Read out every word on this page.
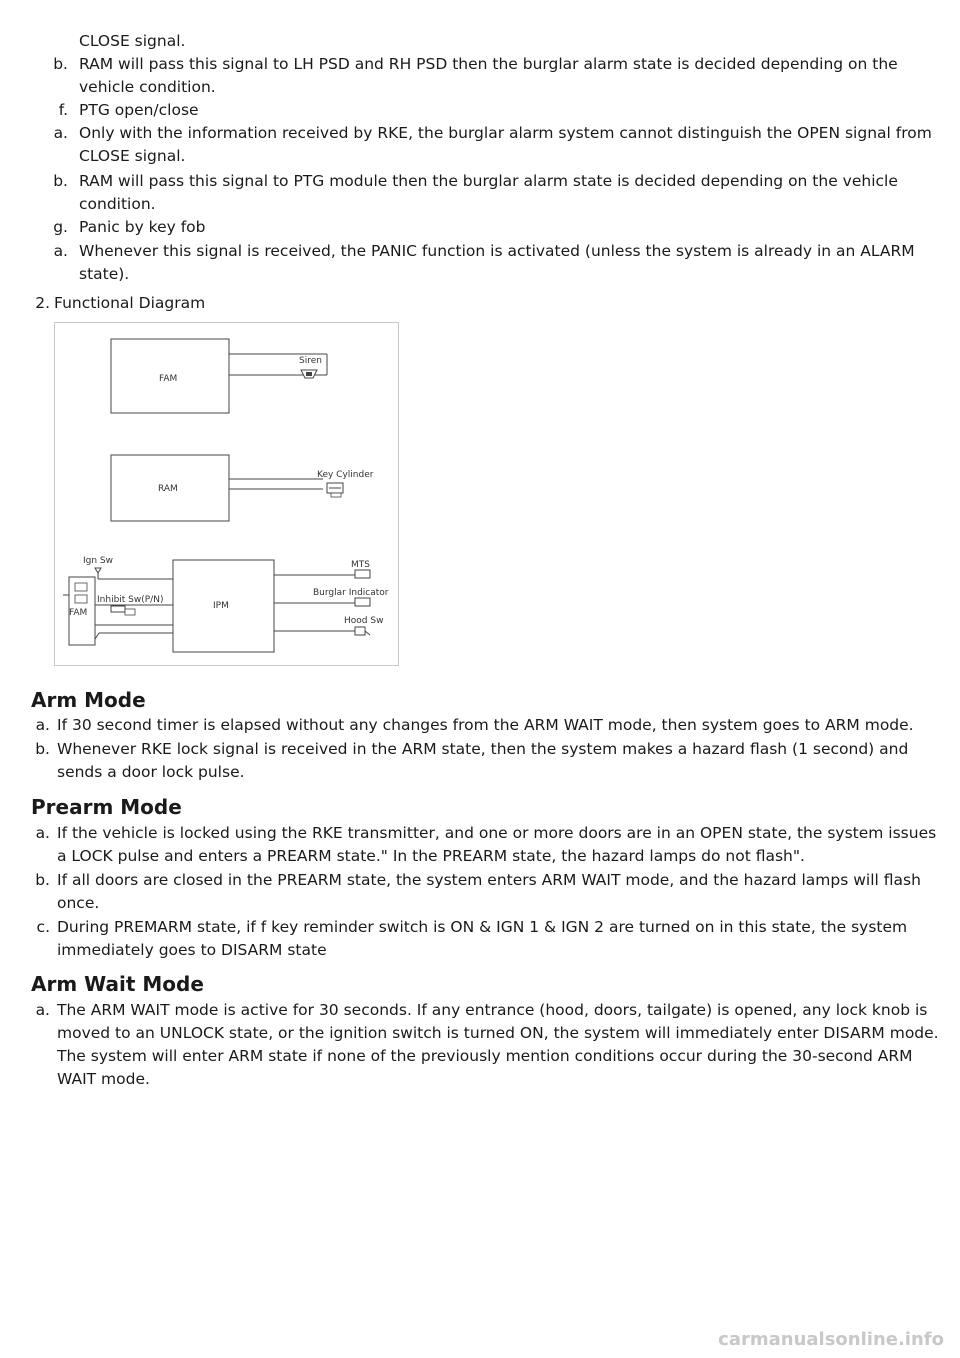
CLOSE signal.
b. RAM will pass this signal to LH PSD and RH PSD then the burglar alarm state is decided depending on the
vehicle condition.
f. PTG open/close
a. Only with the information received by RKE, the burglar alarm system cannot distinguish the OPEN signal from
CLOSE signal.
b. RAM will pass this signal to PTG module then the burglar alarm state is decided depending on the vehicle
condition.
g. Panic by key fob
a. Whenever this signal is received, the PANIC function is activated (unless the system is already in an ALARM
state).
2. Functional Diagram
FAM
Siren
RAM
Key Cylinder
IPM
MTS
Burglar Indicator
Hood Sw
Ign Sw
FAM
Inhibit Sw(P/N)
Arm Mode
a. If 30 second timer is elapsed without any changes from the ARM WAIT mode, then system goes to ARM mode.
b. Whenever RKE lock signal is received in the ARM state, then the system makes a hazard flash (1 second) and
sends a door lock pulse.
Prearm Mode
a. If the vehicle is locked using the RKE transmitter, and one or more doors are in an OPEN state, the system issues
a LOCK pulse and enters a PREARM state." In the PREARM state, the hazard lamps do not flash".
b. If all doors are closed in the PREARM state, the system enters ARM WAIT mode, and the hazard lamps will flash
once.
c. During PREMARM state, if f key reminder switch is ON & IGN 1 & IGN 2 are turned on in this state, the system
immediately goes to DISARM state
Arm Wait Mode
a. The ARM WAIT mode is active for 30 seconds. If any entrance (hood, doors, tailgate) is opened, any lock knob is
moved to an UNLOCK state, or the ignition switch is turned ON, the system will immediately enter DISARM mode.
The system will enter ARM state if none of the previously mention conditions occur during the 30-second ARM
WAIT mode.
carmanualsonline.info
